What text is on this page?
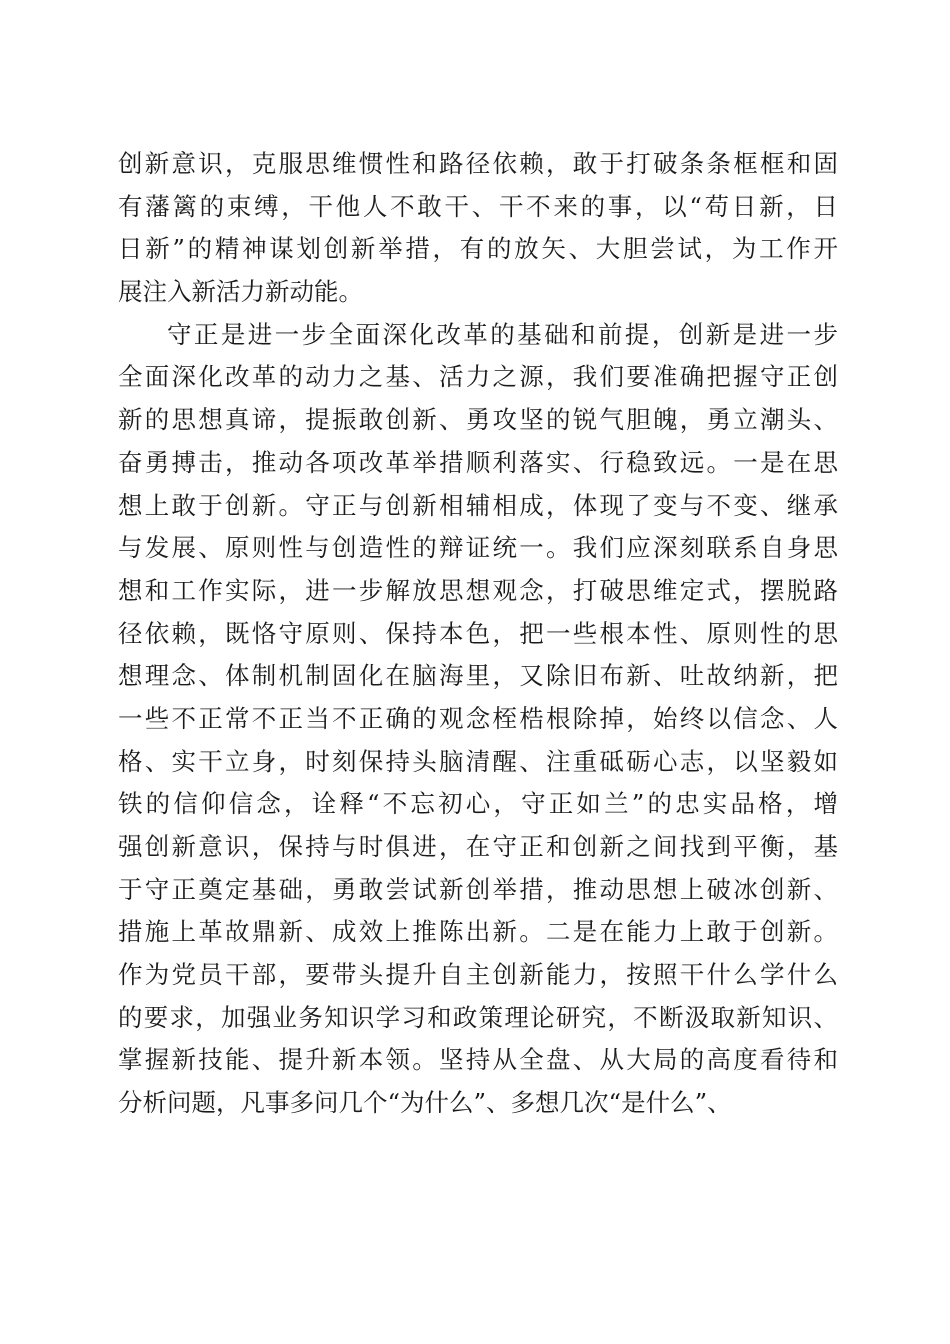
创新意识，克服思维惯性和路径依赖，敢于打破条条框框和固
有藩篱的束缚，干他人不敢干、干不来的事，以“苟日新，日
日新”的精神谋划创新举措，有的放矢、大胆尝试，为工作开
展注入新活力新动能。
守正是进一步全面深化改革的基础和前提，创新是进一步
全面深化改革的动力之基、活力之源，我们要准确把握守正创
新的思想真谛，提振敢创新、勇攻坚的锐气胆魄，勇立潮头、
奋勇搏击，推动各项改革举措顺利落实、行稳致远。一是在思
想上敢于创新。守正与创新相辅相成，体现了变与不变、继承
与发展、原则性与创造性的辩证统一。我们应深刻联系自身思
想和工作实际，进一步解放思想观念，打破思维定式，摆脱路
径依赖，既恪守原则、保持本色，把一些根本性、原则性的思
想理念、体制机制固化在脑海里，又除旧布新、吐故纳新，把
一些不正常不正当不正确的观念桎梏根除掉，始终以信念、人
格、实干立身，时刻保持头脑清醒、注重砥砺心志，以坚毅如
铁的信仰信念，诠释“不忘初心，守正如兰”的忠实品格，增
强创新意识，保持与时俱进，在守正和创新之间找到平衡，基
于守正奠定基础，勇敢尝试新创举措，推动思想上破冰创新、
措施上革故鼎新、成效上推陈出新。二是在能力上敢于创新。
作为党员干部，要带头提升自主创新能力，按照干什么学什么
的要求，加强业务知识学习和政策理论研究，不断汲取新知识、
掌握新技能、提升新本领。坚持从全盘、从大局的高度看待和
分析问题，凡事多问几个“为什么”、多想几次“是什么”、
